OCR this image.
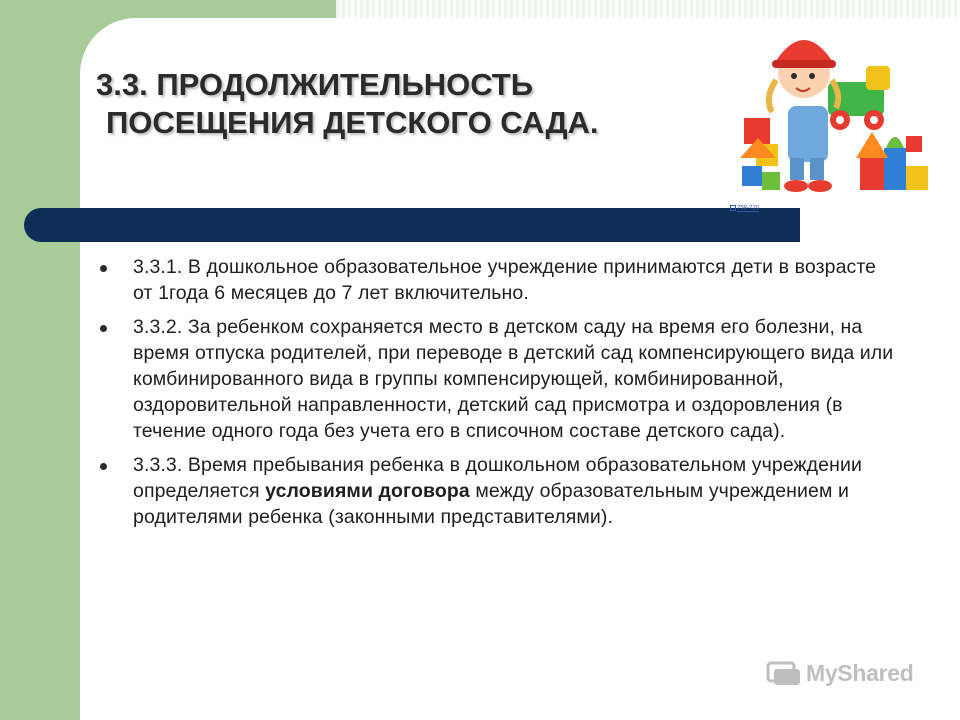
3.3. ПРОДОЛЖИТЕЛЬНОСТЬ
ПОСЕЩЕНИЯ ДЕТСКОГО САДА.
758-720
3.3.1. В дошкольное образовательное учреждение принимаются дети в возрасте от 1года 6 месяцев до 7 лет включительно.
3.3.2. За ребенком сохраняется место в детском саду на время его болезни, на время отпуска родителей, при переводе в детский сад компенсирующего вида или комбинированного вида в группы компенсирующей, комбинированной, оздоровительной направленности, детский сад присмотра и оздоровления (в течение одного года без учета его в списочном составе детского сада).
3.3.3. Время пребывания ребенка в дошкольном образовательном учреждении определяется условиями договора между образовательным учреждением и родителями ребенка (законными представителями).
MyShared
